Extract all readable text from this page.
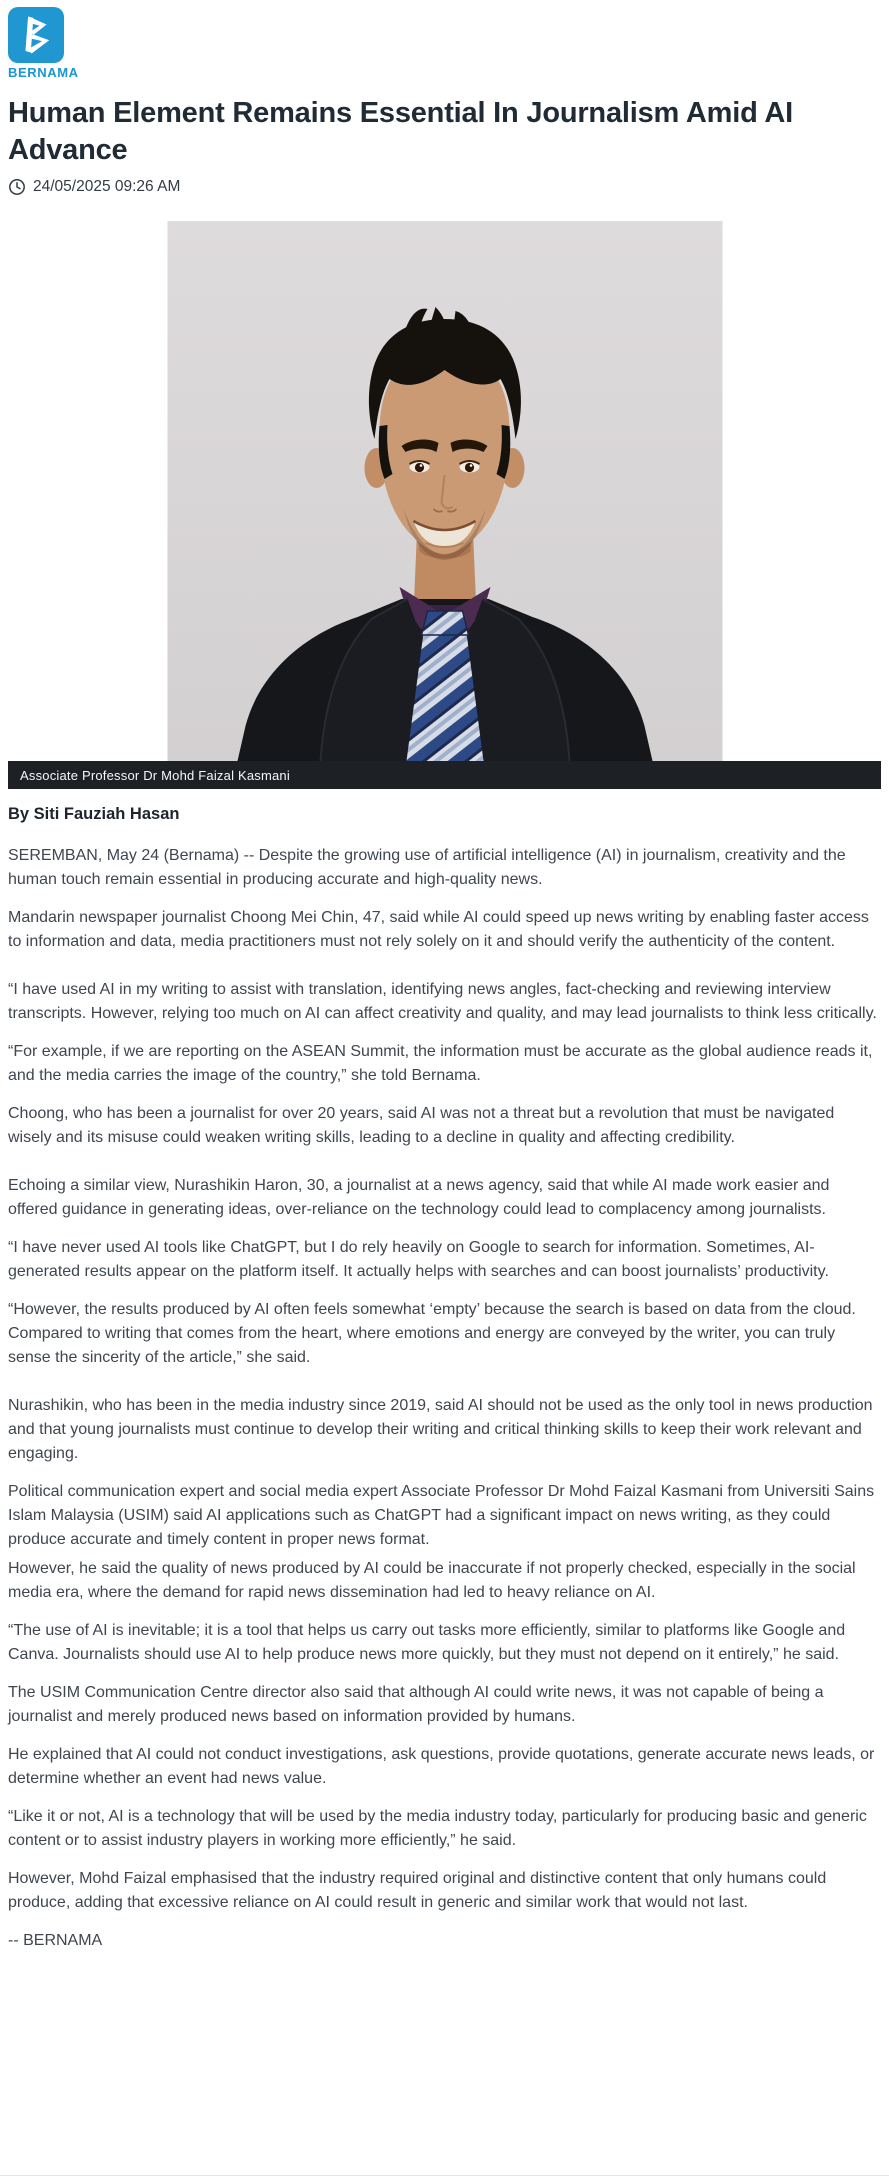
BERNAMA
Human Element Remains Essential In Journalism Amid AI Advance
24/05/2025 09:26 AM
Associate Professor Dr Mohd Faizal Kasmani
By Siti Fauziah Hasan

SEREMBAN, May 24 (Bernama) -- Despite the growing use of artificial intelligence (AI) in journalism, creativity and the human touch remain essential in producing accurate and high-quality news.

Mandarin newspaper journalist Choong Mei Chin, 47, said while AI could speed up news writing by enabling faster access to information and data, media practitioners must not rely solely on it and should verify the authenticity of the content.

“I have used AI in my writing to assist with translation, identifying news angles, fact-checking and reviewing interview transcripts. However, relying too much on AI can affect creativity and quality, and may lead journalists to think less critically.

“For example, if we are reporting on the ASEAN Summit, the information must be accurate as the global audience reads it, and the media carries the image of the country,” she told Bernama.

Choong, who has been a journalist for over 20 years, said AI was not a threat but a revolution that must be navigated wisely and its misuse could weaken writing skills, leading to a decline in quality and affecting credibility.

Echoing a similar view, Nurashikin Haron, 30, a journalist at a news agency, said that while AI made work easier and offered guidance in generating ideas, over-reliance on the technology could lead to complacency among journalists.

“I have never used AI tools like ChatGPT, but I do rely heavily on Google to search for information. Sometimes, AI-generated results appear on the platform itself. It actually helps with searches and can boost journalists’ productivity.

“However, the results produced by AI often feels somewhat ‘empty’ because the search is based on data from the cloud. Compared to writing that comes from the heart, where emotions and energy are conveyed by the writer, you can truly sense the sincerity of the article,” she said.

Nurashikin, who has been in the media industry since 2019, said AI should not be used as the only tool in news production and that young journalists must continue to develop their writing and critical thinking skills to keep their work relevant and engaging.

Political communication expert and social media expert Associate Professor Dr Mohd Faizal Kasmani from Universiti Sains Islam Malaysia (USIM) said AI applications such as ChatGPT had a significant impact on news writing, as they could produce accurate and timely content in proper news format.

However, he said the quality of news produced by AI could be inaccurate if not properly checked, especially in the social media era, where the demand for rapid news dissemination had led to heavy reliance on AI.

“The use of AI is inevitable; it is a tool that helps us carry out tasks more efficiently, similar to platforms like Google and Canva. Journalists should use AI to help produce news more quickly, but they must not depend on it entirely,” he said.

The USIM Communication Centre director also said that although AI could write news, it was not capable of being a journalist and merely produced news based on information provided by humans.

He explained that AI could not conduct investigations, ask questions, provide quotations, generate accurate news leads, or determine whether an event had news value.

“Like it or not, AI is a technology that will be used by the media industry today, particularly for producing basic and generic content or to assist industry players in working more efficiently,” he said.

However, Mohd Faizal emphasised that the industry required original and distinctive content that only humans could produce, adding that excessive reliance on AI could result in generic and similar work that would not last.

-- BERNAMA
